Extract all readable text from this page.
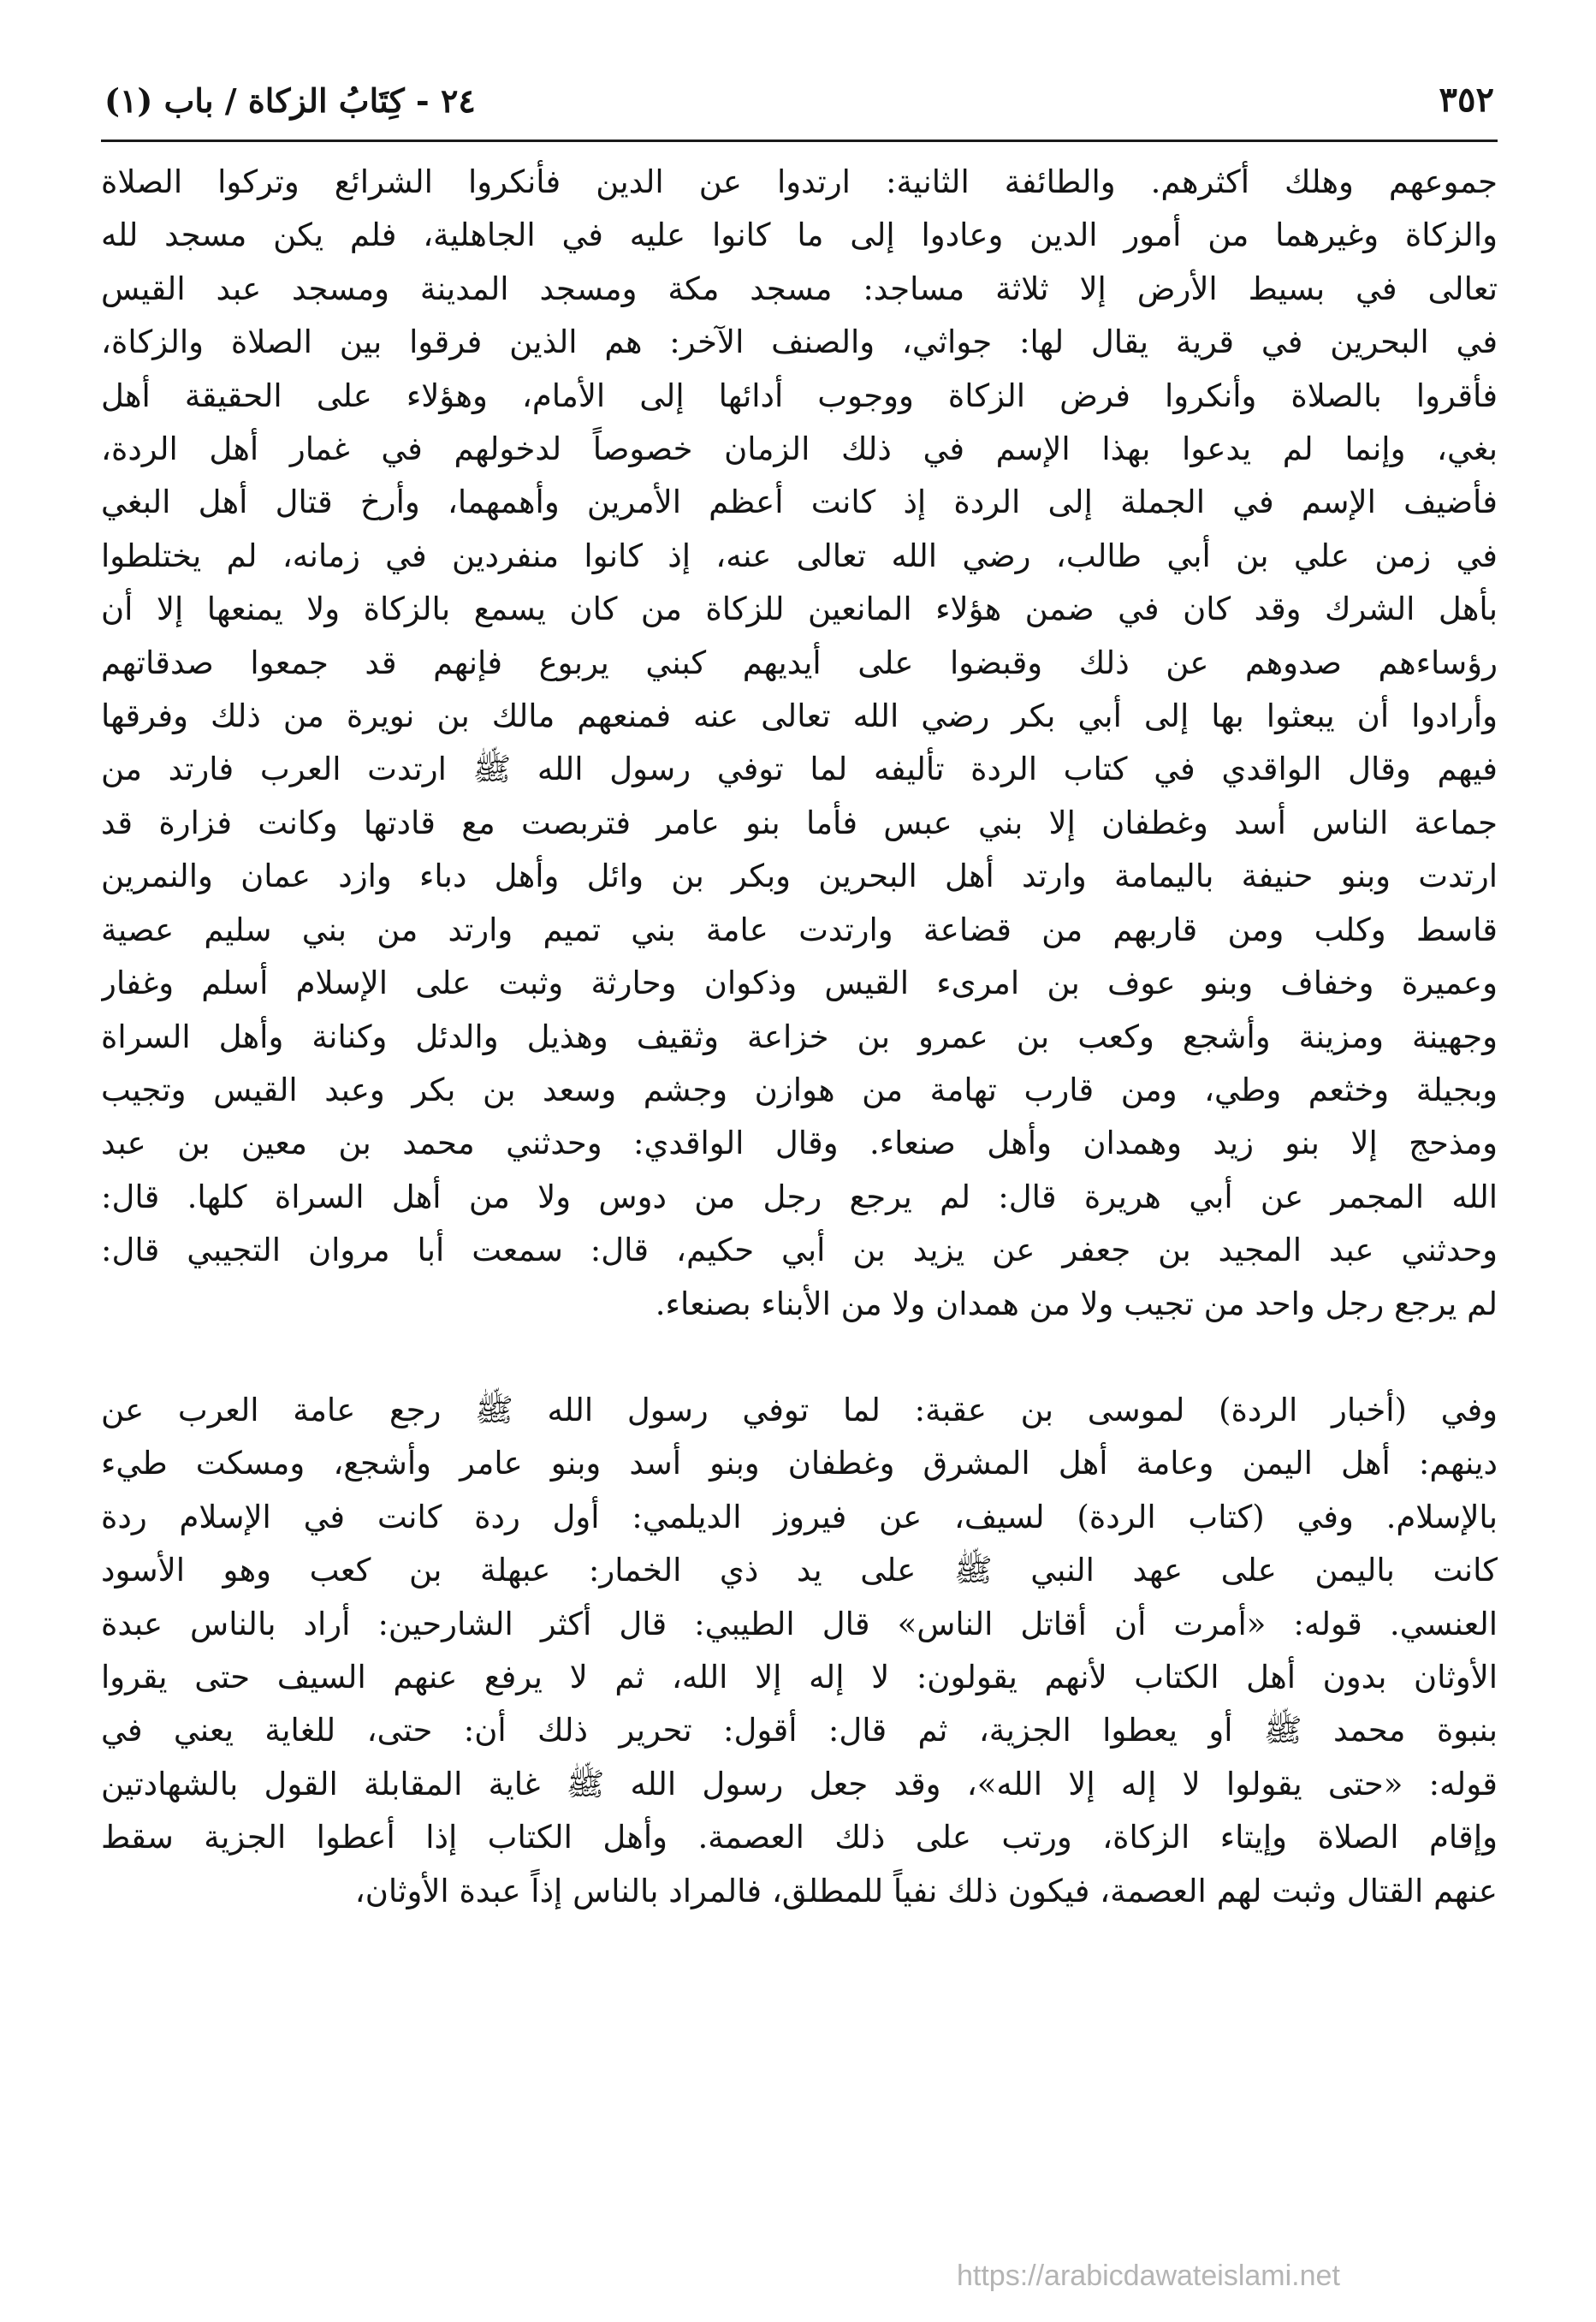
٣٥٢
٢٤ - كِتَابُ الزكاة / باب (١)

جموعهم وهلك أكثرهم. والطائفة الثانية: ارتدوا عن الدين فأنكروا الشرائع وتركوا الصلاة
والزكاة وغيرهما من أمور الدين وعادوا إلى ما كانوا عليه في الجاهلية، فلم يكن مسجد لله
تعالى في بسيط الأرض إلا ثلاثة مساجد: مسجد مكة ومسجد المدينة ومسجد عبد القيس
في البحرين في قرية يقال لها: جواثي، والصنف الآخر: هم الذين فرقوا بين الصلاة والزكاة،
فأقروا بالصلاة وأنكروا فرض الزكاة ووجوب أدائها إلى الأمام، وهؤلاء على الحقيقة أهل
بغي، وإنما لم يدعوا بهذا الإسم في ذلك الزمان خصوصاً لدخولهم في غمار أهل الردة،
فأضيف الإسم في الجملة إلى الردة إذ كانت أعظم الأمرين وأهمهما، وأرخ قتال أهل البغي
في زمن علي بن أبي طالب، رضي الله تعالى عنه، إذ كانوا منفردين في زمانه، لم يختلطوا
بأهل الشرك وقد كان في ضمن هؤلاء المانعين للزكاة من كان يسمع بالزكاة ولا يمنعها إلا أن
رؤساءهم صدوهم عن ذلك وقبضوا على أيديهم كبني يربوع فإنهم قد جمعوا صدقاتهم
وأرادوا أن يبعثوا بها إلى أبي بكر رضي الله تعالى عنه فمنعهم مالك بن نويرة من ذلك وفرقها
فيهم وقال الواقدي في كتاب الردة تأليفه لما توفي رسول الله ﷺ ارتدت العرب فارتد من
جماعة الناس أسد وغطفان إلا بني عبس فأما بنو عامر فتربصت مع قادتها وكانت فزارة قد
ارتدت وبنو حنيفة باليمامة وارتد أهل البحرين وبكر بن وائل وأهل دباء وازد عمان والنمرين
قاسط وكلب ومن قاربهم من قضاعة وارتدت عامة بني تميم وارتد من بني سليم عصية
وعميرة وخفاف وبنو عوف بن امرىء القيس وذكوان وحارثة وثبت على الإسلام أسلم وغفار
وجهينة ومزينة وأشجع وكعب بن عمرو بن خزاعة وثقيف وهذيل والدئل وكنانة وأهل السراة
وبجيلة وخثعم وطي، ومن قارب تهامة من هوازن وجشم وسعد بن بكر وعبد القيس وتجيب
ومذحج إلا بنو زيد وهمدان وأهل صنعاء. وقال الواقدي: وحدثني محمد بن معين بن عبد
الله المجمر عن أبي هريرة قال: لم يرجع رجل من دوس ولا من أهل السراة كلها. قال:
وحدثني عبد المجيد بن جعفر عن يزيد بن أبي حكيم، قال: سمعت أبا مروان التجيبي قال:
لم يرجع رجل واحد من تجيب ولا من همدان ولا من الأبناء بصنعاء.

وفي (أخبار الردة) لموسى بن عقبة: لما توفي رسول الله ﷺ رجع عامة العرب عن
دينهم: أهل اليمن وعامة أهل المشرق وغطفان وبنو أسد وبنو عامر وأشجع، ومسكت طيء
بالإسلام. وفي (كتاب الردة) لسيف، عن فيروز الديلمي: أول ردة كانت في الإسلام ردة
كانت باليمن على عهد النبي ﷺ على يد ذي الخمار: عبهلة بن كعب وهو الأسود
العنسي. قوله: «أمرت أن أقاتل الناس» قال الطيبي: قال أكثر الشارحين: أراد بالناس عبدة
الأوثان بدون أهل الكتاب لأنهم يقولون: لا إله إلا الله، ثم لا يرفع عنهم السيف حتى يقروا
بنبوة محمد ﷺ أو يعطوا الجزية، ثم قال: أقول: تحرير ذلك أن: حتى، للغاية يعني في
قوله: «حتى يقولوا لا إله إلا الله»، وقد جعل رسول الله ﷺ غاية المقابلة القول بالشهادتين
وإقام الصلاة وإيتاء الزكاة، ورتب على ذلك العصمة. وأهل الكتاب إذا أعطوا الجزية سقط
عنهم القتال وثبت لهم العصمة، فيكون ذلك نفياً للمطلق، فالمراد بالناس إذاً عبدة الأوثان،

https://arabicdawateislami.net
